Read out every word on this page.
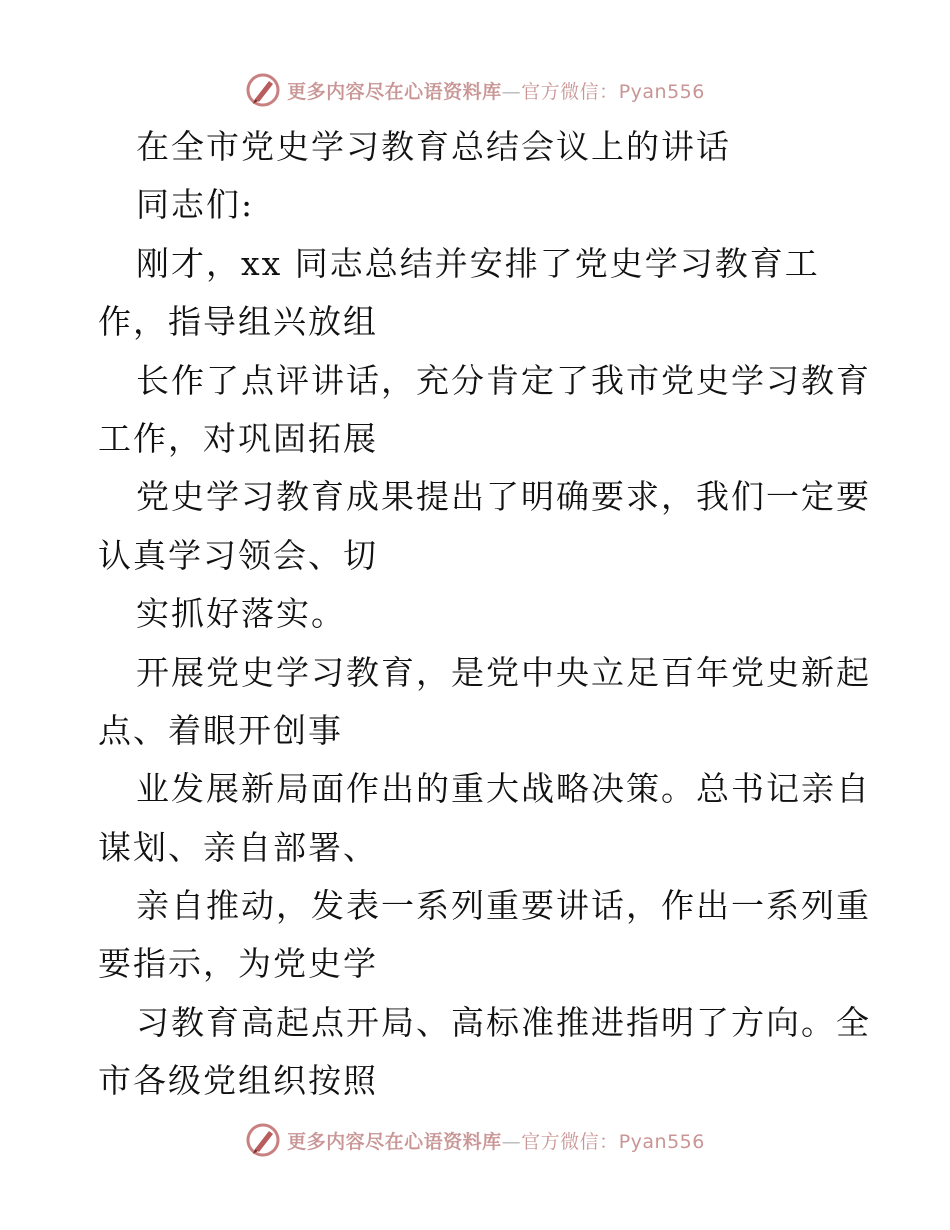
更多内容尽在心语资料库—官方微信：Pyan556
在全市党史学习教育总结会议上的讲话
同志们:
刚才，xx 同志总结并安排了党史学习教育工
作，指导组兴放组
长作了点评讲话，充分肯定了我市党史学习教育
工作，对巩固拓展
党史学习教育成果提出了明确要求，我们一定要
认真学习领会、切
实抓好落实。
开展党史学习教育，是党中央立足百年党史新起
点、着眼开创事
业发展新局面作出的重大战略决策。总书记亲自
谋划、亲自部署、
亲自推动，发表一系列重要讲话，作出一系列重
要指示，为党史学
习教育高起点开局、高标准推进指明了方向。全
市各级党组织按照
更多内容尽在心语资料库—官方微信：Pyan556
